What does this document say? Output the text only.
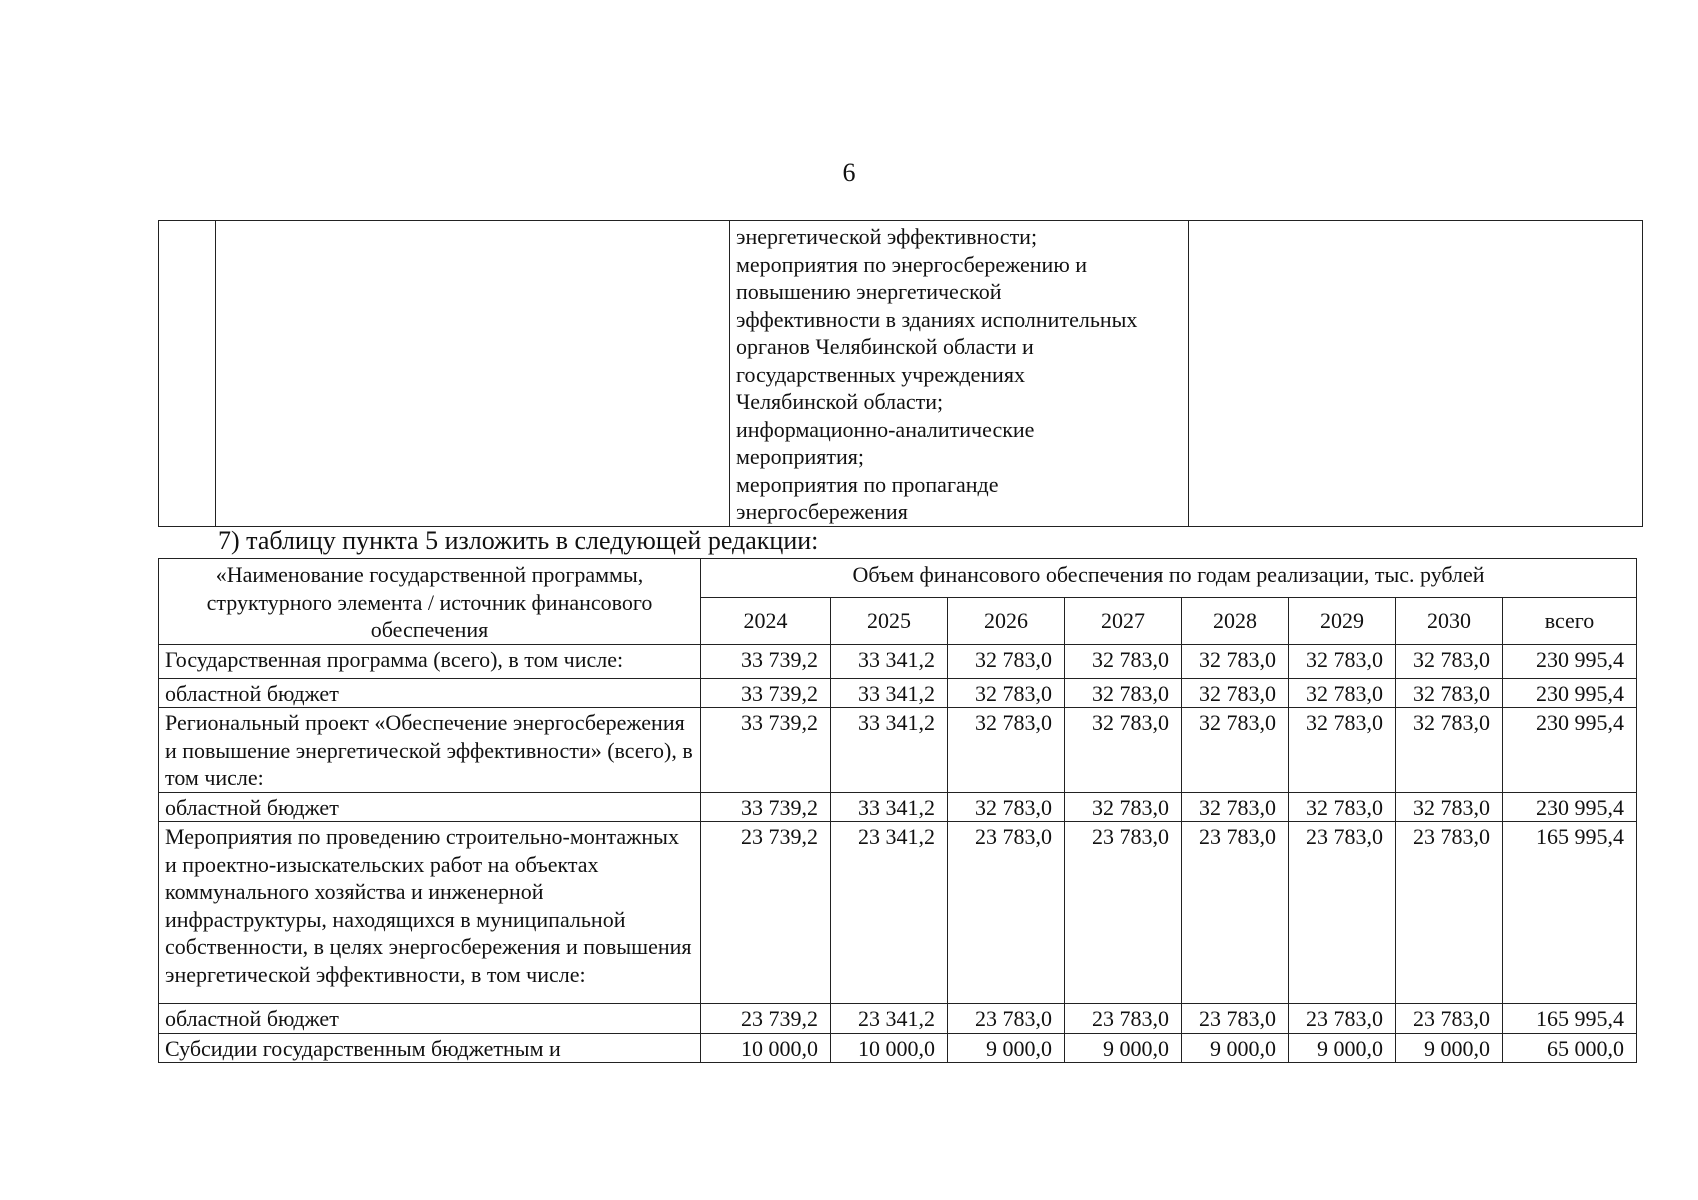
6

энергетической эффективности;
мероприятия по энергосбережению и
повышению энергетической
эффективности в зданиях исполнительных
органов Челябинской области и
государственных учреждениях
Челябинской области;
информационно-аналитические
мероприятия;
мероприятия по пропаганде
энергосбережения

7) таблицу пункта 5 изложить в следующей редакции:
«Наименование государственной программы, структурного элемента / источник финансового обеспечения	Объем финансового обеспечения по годам реализации, тыс. рублей							
	2024	2025	2026	2027	2028	2029	2030	всего
Государственная программа (всего), в том числе:	33 739,2	33 341,2	32 783,0	32 783,0	32 783,0	32 783,0	32 783,0	230 995,4
областной бюджет	33 739,2	33 341,2	32 783,0	32 783,0	32 783,0	32 783,0	32 783,0	230 995,4
Региональный проект «Обеспечение энергосбережения и повышение энергетической эффективности» (всего), в том числе:	33 739,2	33 341,2	32 783,0	32 783,0	32 783,0	32 783,0	32 783,0	230 995,4
областной бюджет	33 739,2	33 341,2	32 783,0	32 783,0	32 783,0	32 783,0	32 783,0	230 995,4
Мероприятия по проведению строительно-монтажных и проектно-изыскательских работ на объектах коммунального хозяйства и инженерной инфраструктуры, находящихся в муниципальной собственности, в целях энергосбережения и повышения энергетической эффективности, в том числе:	23 739,2	23 341,2	23 783,0	23 783,0	23 783,0	23 783,0	23 783,0	165 995,4
областной бюджет	23 739,2	23 341,2	23 783,0	23 783,0	23 783,0	23 783,0	23 783,0	165 995,4
Субсидии государственным бюджетным и	10 000,0	10 000,0	9 000,0	9 000,0	9 000,0	9 000,0	9 000,0	65 000,0
